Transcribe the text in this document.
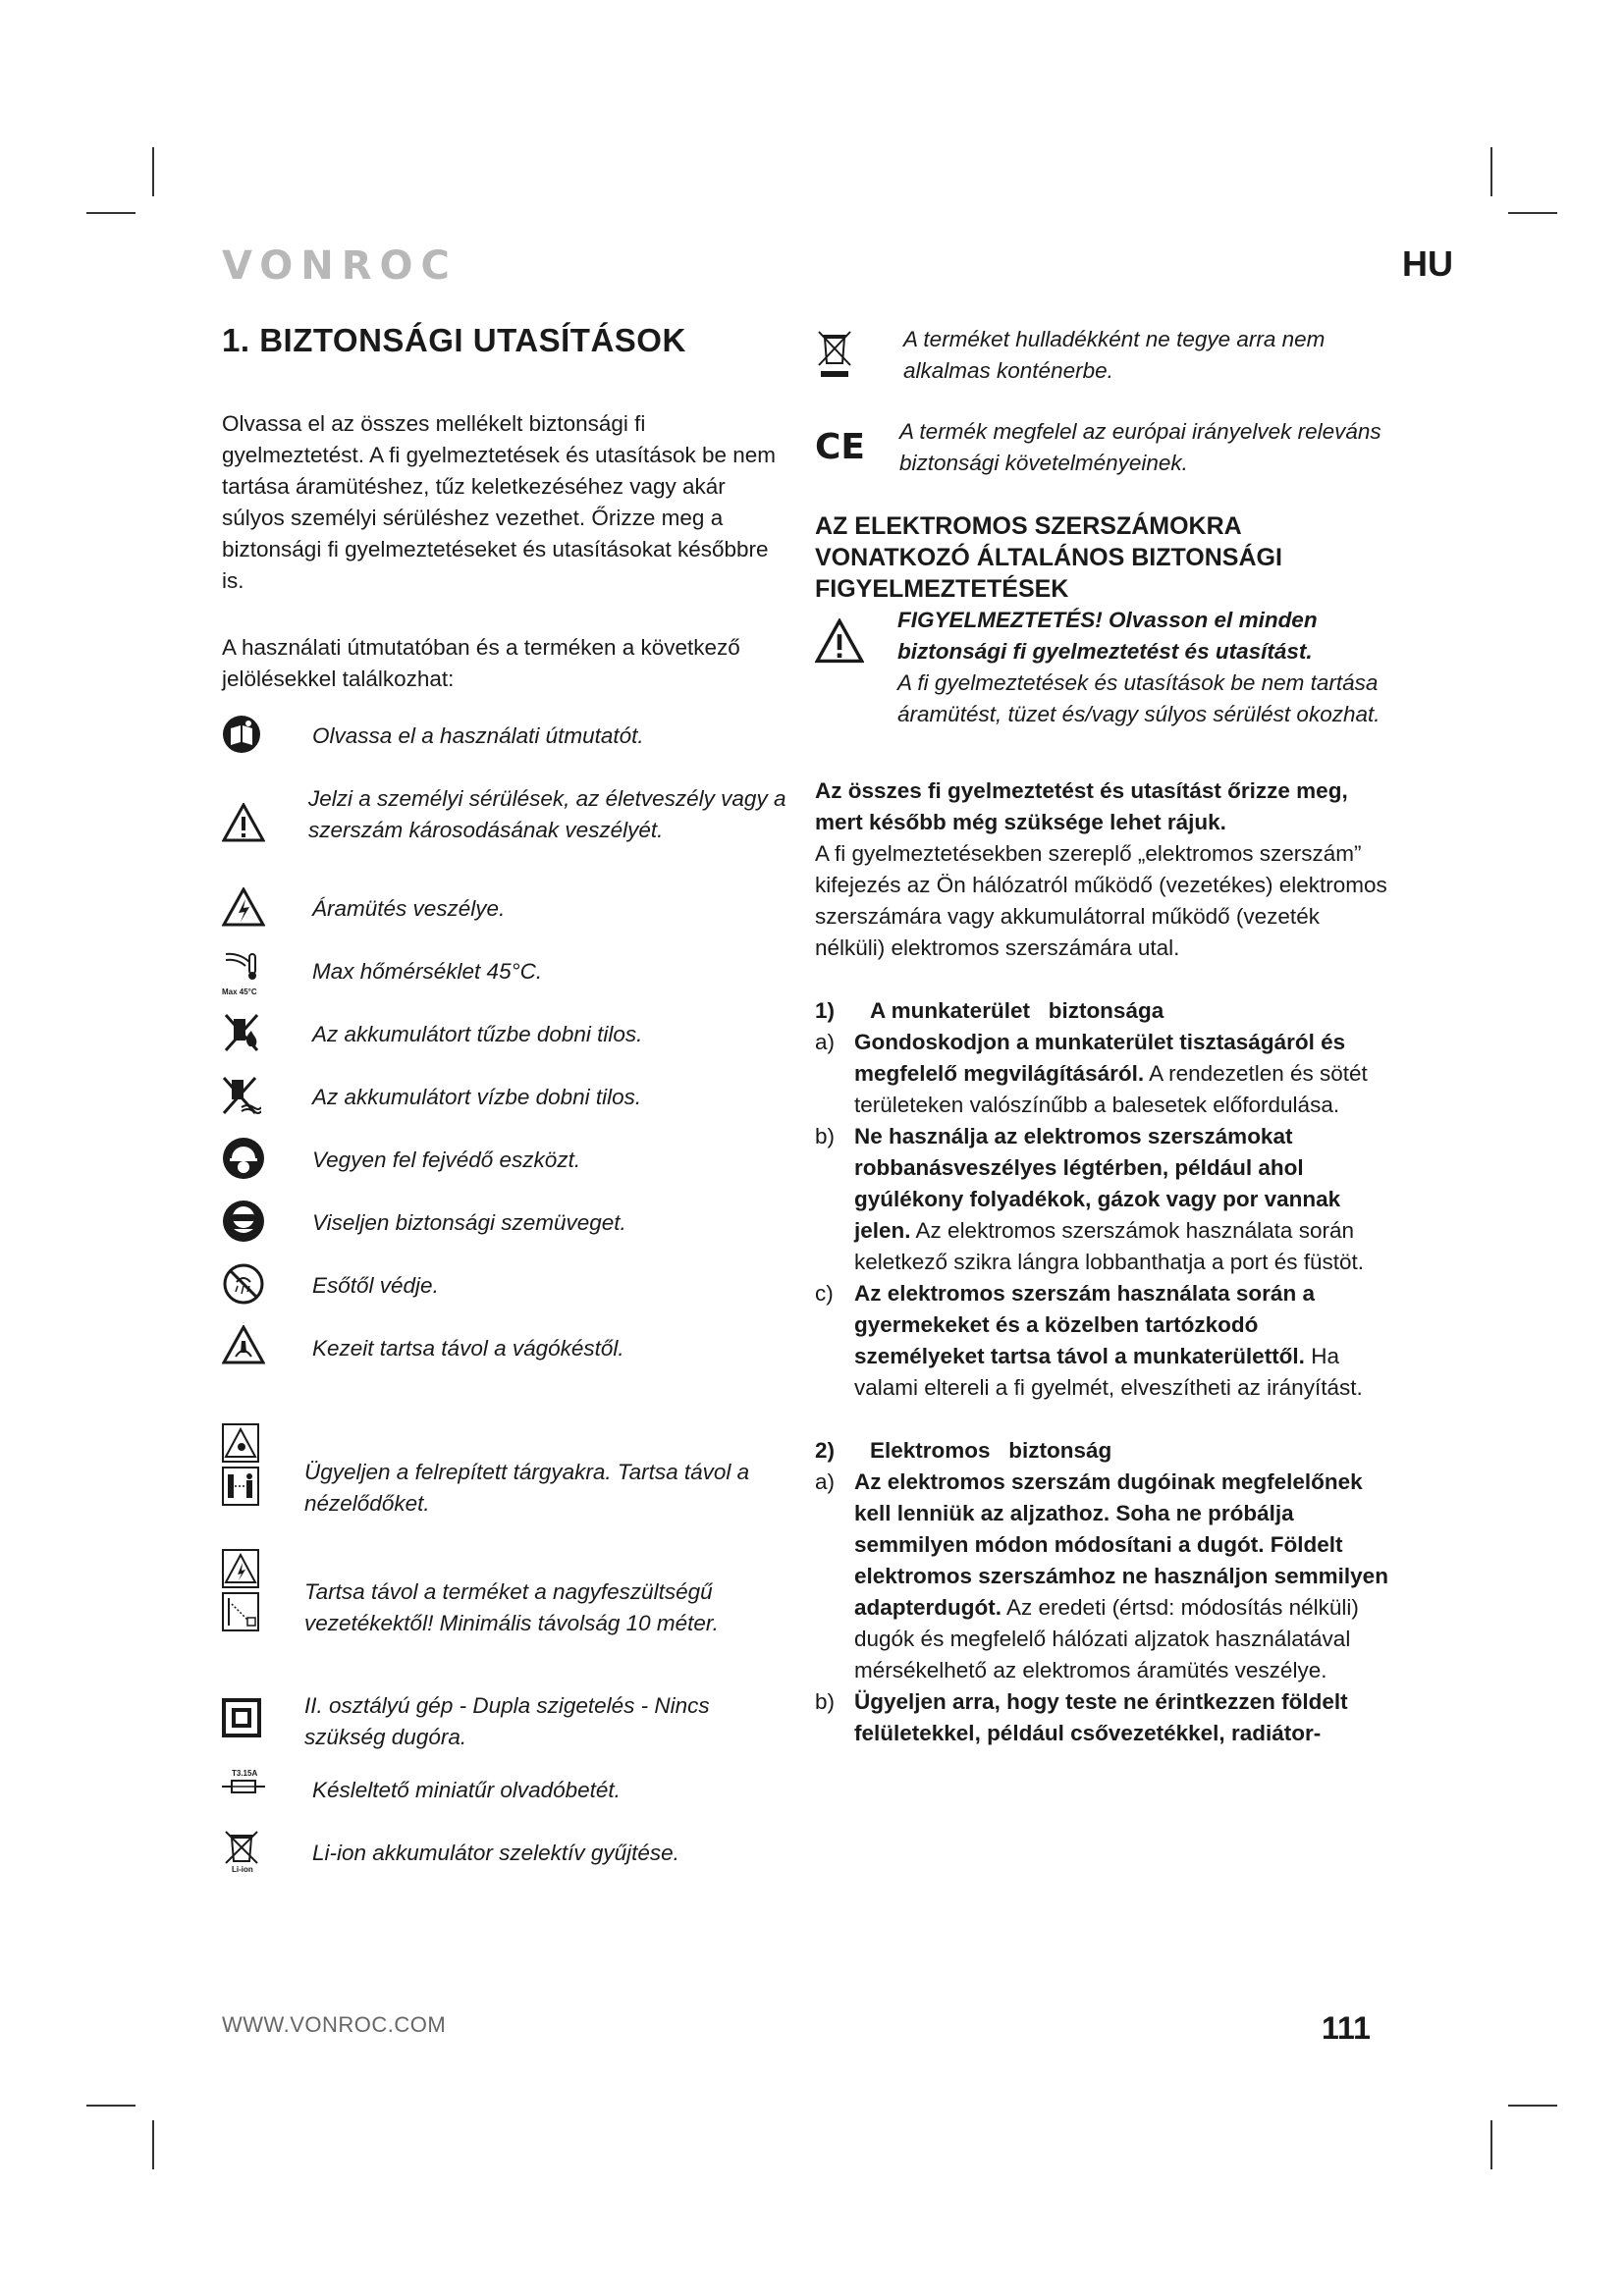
VONROC	HU
1. BIZTONSÁGI UTASÍTÁSOK

Olvassa el az összes mellékelt biztonsági fi gyelmeztetést. A fi gyelmeztetések és utasítások be nem tartása áramütéshez, tűz keletkezéséhez vagy akár súlyos személyi sérüléshez vezethet. Őrizze meg a biztonsági fi gyelmeztetéseket és utasításokat későbbre is.

A használati útmutatóban és a terméken a következő jelölésekkel találkozhat:

Olvassa el a használati útmutatót.
Jelzi a személyi sérülések, az életveszély vagy a szerszám károsodásának veszélyét.
Áramütés veszélye.
Max 45°C
Max hőmérséklet 45°C.
Az akkumulátort tűzbe dobni tilos.
Az akkumulátort vízbe dobni tilos.
Vegyen fel fejvédő eszközt.
Viseljen biztonsági szemüveget.
Esőtől védje.
Kezeit tartsa távol a vágókéstől.
Ügyeljen a felrepített tárgyakra. Tartsa távol a nézelődőket.
Tartsa távol a terméket a nagyfeszültségű vezetékektől! Minimális távolság 10 méter.
II. osztályú gép - Dupla szigetelés - Nincs szükség dugóra.
T3.15A
Késleltető miniatűr olvadóbetét.
Li-ion
Li-ion akkumulátor szelektív gyűjtése.
A terméket hulladékként ne tegye arra nem alkalmas konténerbe.
CE A termék megfelel az európai irányelvek releváns biztonsági követelményeinek.
AZ ELEKTROMOS SZERSZÁMOKRA VONATKOZÓ ÁLTALÁNOS BIZTONSÁGI FIGYELMEZTETÉSEK
FIGYELMEZTETÉS! Olvasson el minden biztonsági fi gyelmeztetést és utasítást.
A fi gyelmeztetések és utasítások be nem tartása áramütést, tüzet és/vagy súlyos sérülést okozhat.

Az összes fi gyelmeztetést és utasítást őrizze meg, mert később még szüksége lehet rájuk.

A fi gyelmeztetésekben szereplő „elektromos szerszám” kifejezés az Ön hálózatról működő (vezetékes) elektromos szerszámára vagy akkumulátorral működő (vezeték nélküli) elektromos szerszámára utal.

1)	A munkaterület   biztonsága
a) Gondoskodjon a munkaterület tisztaságáról és megfelelő megvilágításáról. A rendezetlen és sötét területeken valószínűbb a balesetek előfordulása.
b) Ne használja az elektromos szerszámokat robbanásveszélyes légtérben, például ahol gyúlékony folyadékok, gázok vagy por vannak jelen. Az elektromos szerszámok használata során keletkező szikra lángra lobbanthatja a port és füstöt.
c) Az elektromos szerszám használata során a gyermekeket és a közelben tartózkodó személyeket tartsa távol a munkaterülettől. Ha valami eltereli a fi gyelmét, elveszítheti az irányítást.
2)	Elektromos   biztonság
a) Az elektromos szerszám dugóinak megfelelőnek kell lenniük az aljzathoz. Soha ne próbálja semmilyen módon módosítani a dugót. Földelt elektromos szerszámhoz ne használjon semmilyen adapterdugót. Az eredeti (értsd: módosítás nélküli) dugók és megfelelő hálózati aljzatok használatával mérsékelhető az elektromos áramütés veszélye.
b) Ügyeljen arra, hogy teste ne érintkezzen földelt felületekkel, például csővezetékkel, radiátor-
WWW.VONROC.COM	111
